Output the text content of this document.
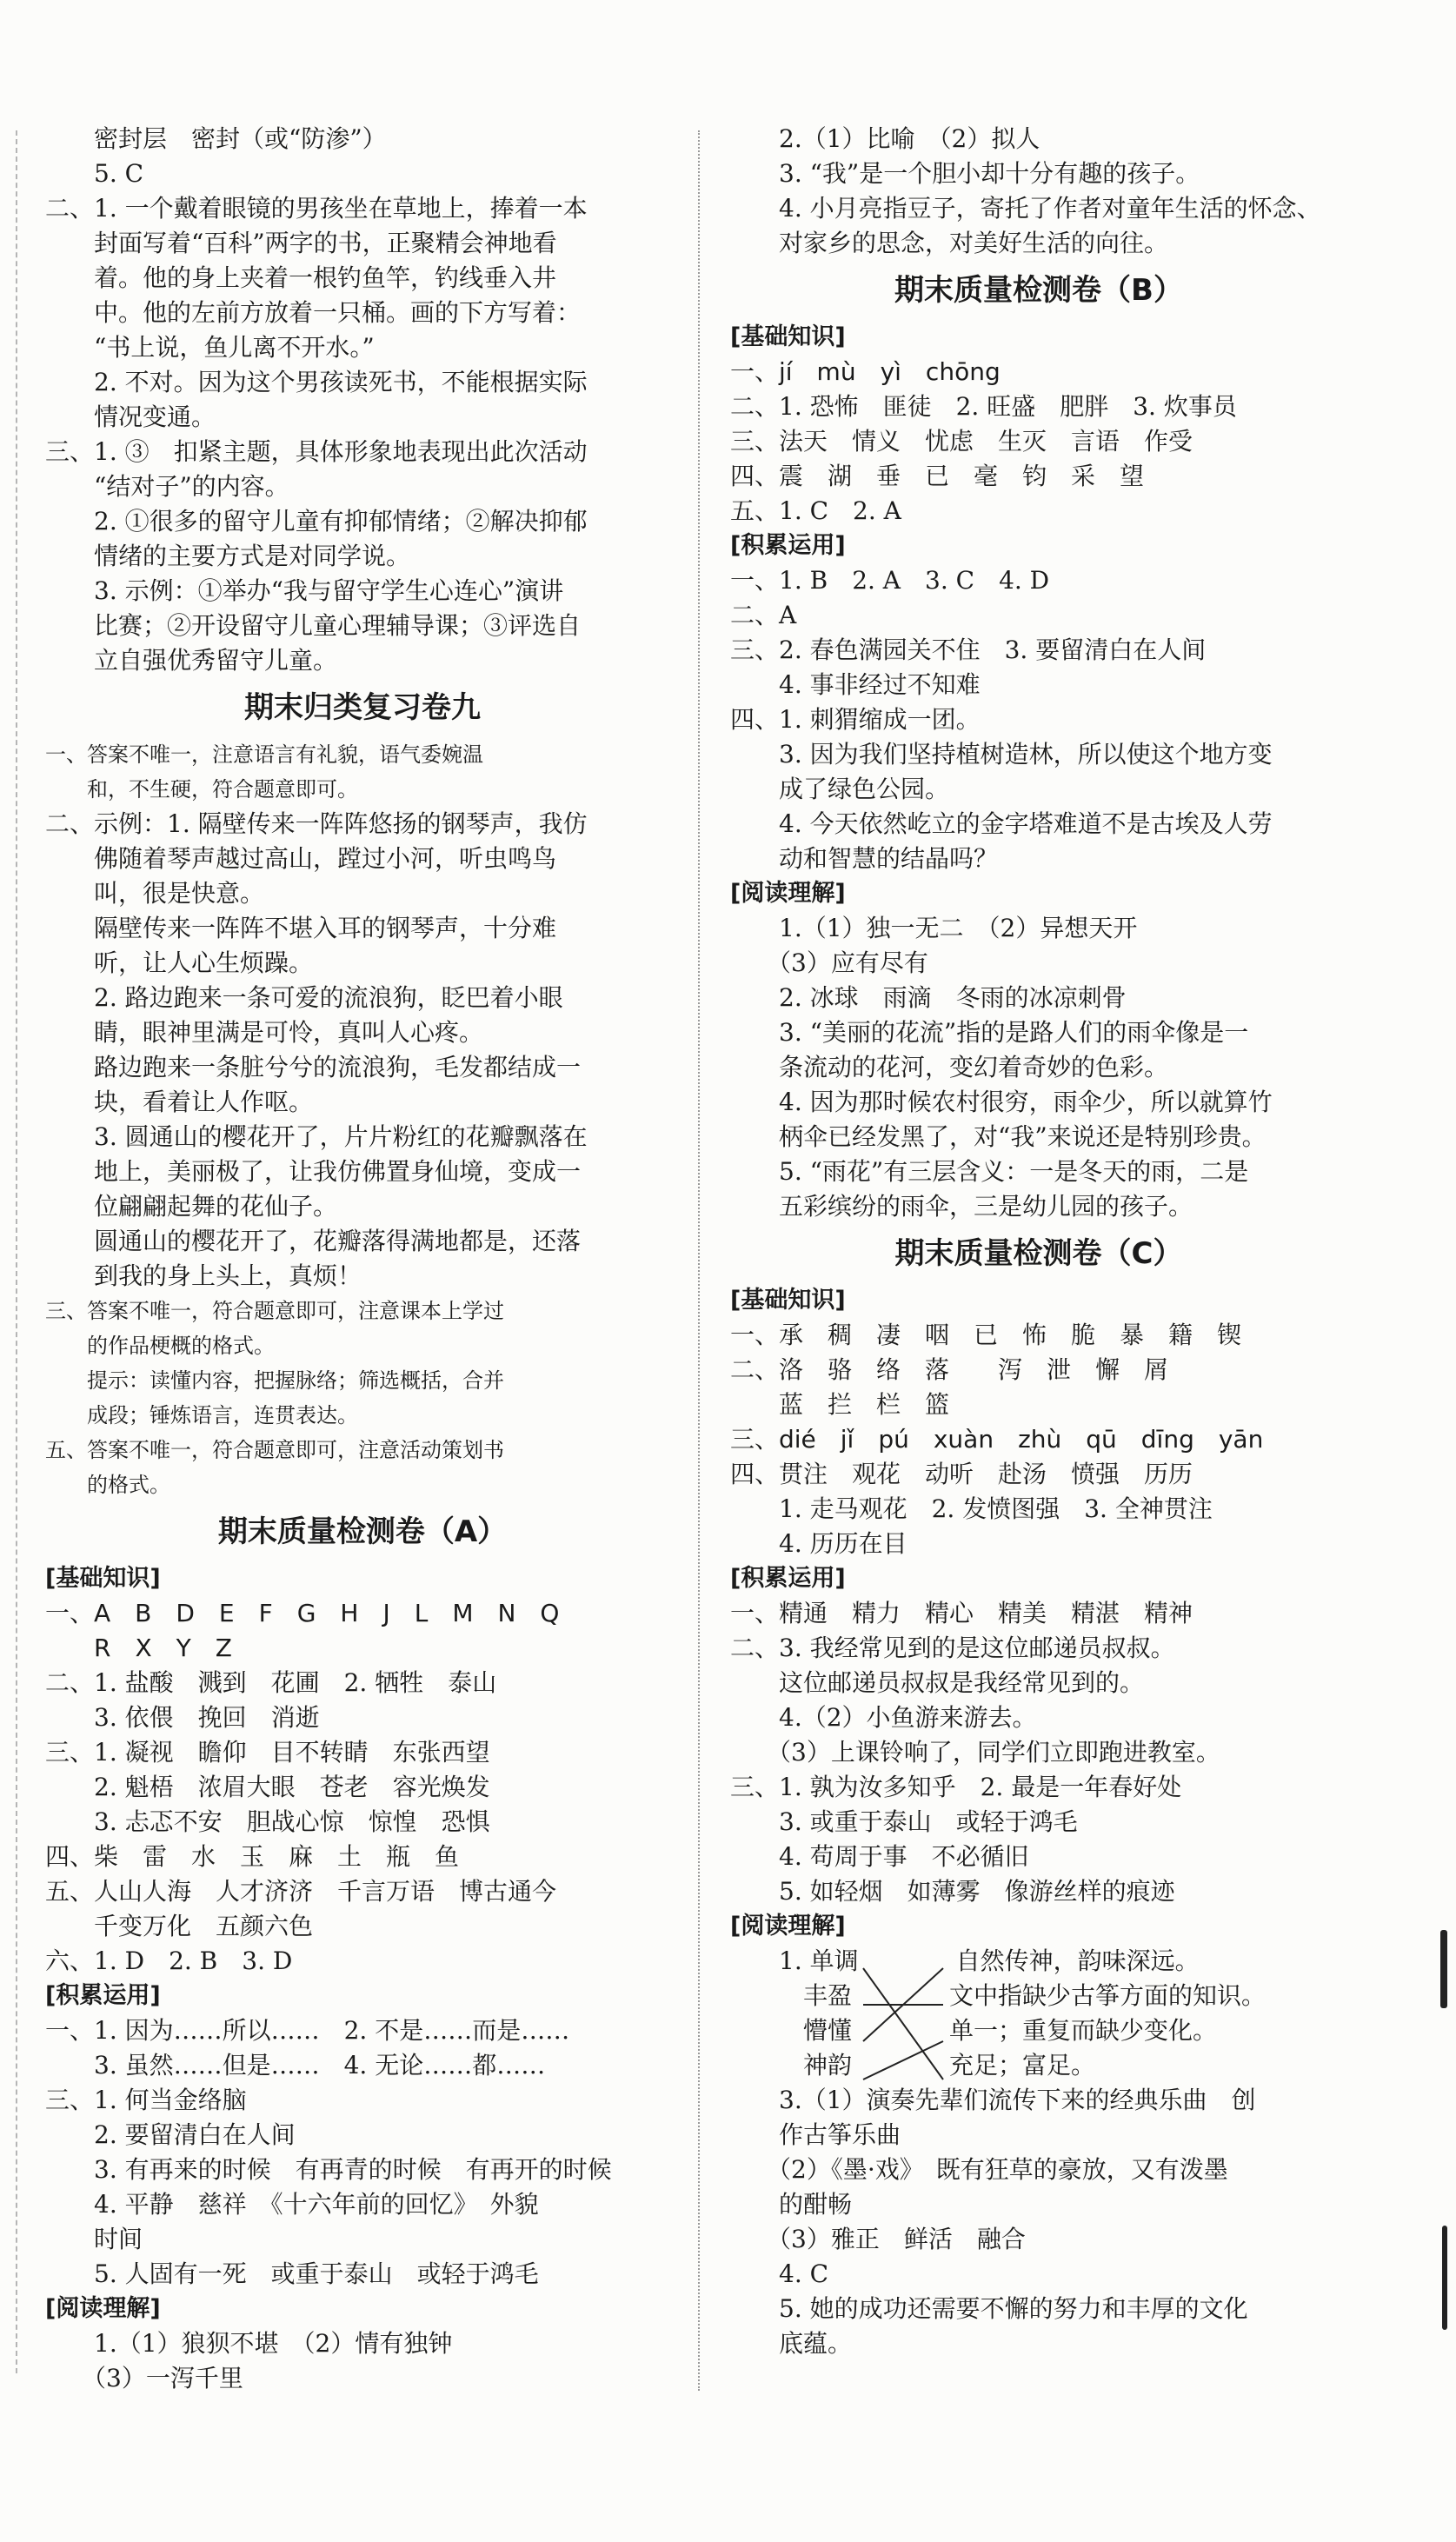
　　密封层　密封（或“防渗”）
　　5. C
二、1. 一个戴着眼镜的男孩坐在草地上，捧着一本
　　封面写着“百科”两字的书，正聚精会神地看
　　着。他的身上夹着一根钓鱼竿，钓线垂入井
　　中。他的左前方放着一只桶。画的下方写着：
　　“书上说，鱼儿离不开水。”
　　2. 不对。因为这个男孩读死书，不能根据实际
　　情况变通。
三、1. ③　扣紧主题，具体形象地表现出此次活动
　　“结对子”的内容。
　　2. ①很多的留守儿童有抑郁情绪；②解决抑郁
　　情绪的主要方式是对同学说。
　　3. 示例：①举办“我与留守学生心连心”演讲
　　比赛；②开设留守儿童心理辅导课；③评选自
　　立自强优秀留守儿童。
期末归类复习卷九
一、答案不唯一，注意语言有礼貌，语气委婉温
　　和，不生硬，符合题意即可。
二、示例：1. 隔壁传来一阵阵悠扬的钢琴声，我仿
　　佛随着琴声越过高山，蹚过小河，听虫鸣鸟
　　叫，很是快意。
　　隔壁传来一阵阵不堪入耳的钢琴声，十分难
　　听，让人心生烦躁。
　　2. 路边跑来一条可爱的流浪狗，眨巴着小眼
　　睛，眼神里满是可怜，真叫人心疼。
　　路边跑来一条脏兮兮的流浪狗，毛发都结成一
　　块，看着让人作呕。
　　3. 圆通山的樱花开了，片片粉红的花瓣飘落在
　　地上，美丽极了，让我仿佛置身仙境，变成一
　　位翩翩起舞的花仙子。
　　圆通山的樱花开了，花瓣落得满地都是，还落
　　到我的身上头上，真烦！
三、答案不唯一，符合题意即可，注意课本上学过
　　的作品梗概的格式。
　　提示：读懂内容，把握脉络；筛选概括，合并
　　成段；锤炼语言，连贯表达。
五、答案不唯一，符合题意即可，注意活动策划书
　　的格式。
期末质量检测卷（A）
[基础知识]
一、A　B　D　E　F　G　H　J　L　M　N　Q
　　R　X　Y　Z
二、1. 盐酸　溅到　花圃　2. 牺牲　泰山
　　3. 依偎　挽回　消逝
三、1. 凝视　瞻仰　目不转睛　东张西望
　　2. 魁梧　浓眉大眼　苍老　容光焕发
　　3. 忐忑不安　胆战心惊　惊惶　恐惧
四、柴　雷　水　玉　麻　土　瓶　鱼
五、人山人海　人才济济　千言万语　博古通今
　　千变万化　五颜六色
六、1. D　2. B　3. D
[积累运用]
一、1. 因为……所以……　2. 不是……而是……
　　3. 虽然……但是……　4. 无论……都……
三、1. 何当金络脑
　　2. 要留清白在人间
　　3. 有再来的时候　有再青的时候　有再开的时候
　　4. 平静　慈祥　《十六年前的回忆》　外貌
　　时间
　　5. 人固有一死　或重于泰山　或轻于鸿毛
[阅读理解]
　　1.（1）狼狈不堪　（2）情有独钟
　　（3）一泻千里
　　2.（1）比喻　（2）拟人
　　3. “我”是一个胆小却十分有趣的孩子。
　　4. 小月亮指豆子，寄托了作者对童年生活的怀念、
　　对家乡的思念，对美好生活的向往。
期末质量检测卷（B）
[基础知识]
一、jí　mù　yì　chōng
二、1. 恐怖　匪徒　2. 旺盛　肥胖　3. 炊事员
三、法天　情义　忧虑　生灭　言语　作受
四、震　湖　垂　已　毫　钧　采　望
五、1. C　2. A
[积累运用]
一、1. B　2. A　3. C　4. D
二、A
三、2. 春色满园关不住　3. 要留清白在人间
　　4. 事非经过不知难
四、1. 刺猬缩成一团。
　　3. 因为我们坚持植树造林，所以使这个地方变
　　成了绿色公园。
　　4. 今天依然屹立的金字塔难道不是古埃及人劳
　　动和智慧的结晶吗？
[阅读理解]
　　1.（1）独一无二　（2）异想天开
　　（3）应有尽有
　　2. 冰球　雨滴　冬雨的冰凉刺骨
　　3. “美丽的花流”指的是路人们的雨伞像是一
　　条流动的花河，变幻着奇妙的色彩。
　　4. 因为那时候农村很穷，雨伞少，所以就算竹
　　柄伞已经发黑了，对“我”来说还是特别珍贵。
　　5. “雨花”有三层含义：一是冬天的雨，二是
　　五彩缤纷的雨伞，三是幼儿园的孩子。
期末质量检测卷（C）
[基础知识]
一、承　稠　凄　咽　已　怖　脆　暴　籍　锲
二、洛　骆　络　落　　泻　泄　懈　屑
　　蓝　拦　栏　篮
三、dié　jǐ　pú　xuàn　zhù　qū　dīng　yān
四、贯注　观花　动听　赴汤　愤强　历历
　　1. 走马观花　2. 发愤图强　3. 全神贯注
　　4. 历历在目
[积累运用]
一、精通　精力　精心　精美　精湛　精神
二、3. 我经常见到的是这位邮递员叔叔。
　　这位邮递员叔叔是我经常见到的。
　　4.（2）小鱼游来游去。
　　（3）上课铃响了，同学们立即跑进教室。
三、1. 孰为汝多知乎　2. 最是一年春好处
　　3. 或重于泰山　或轻于鸿毛
　　4. 苟周于事　不必循旧
　　5. 如轻烟　如薄雾　像游丝样的痕迹
[阅读理解]
　　1. 单调　　　　自然传神，韵味深远。
　　　丰盈　　　　文中指缺少古筝方面的知识。
　　　懵懂　　　　单一；重复而缺少变化。
　　　神韵　　　　充足；富足。
　　3.（1）演奏先辈们流传下来的经典乐曲　创
　　作古筝乐曲
　　（2）《墨·戏》　既有狂草的豪放，又有泼墨
　　的酣畅
　　（3）雅正　鲜活　融合
　　4. C
　　5. 她的成功还需要不懈的努力和丰厚的文化
　　底蕴。
